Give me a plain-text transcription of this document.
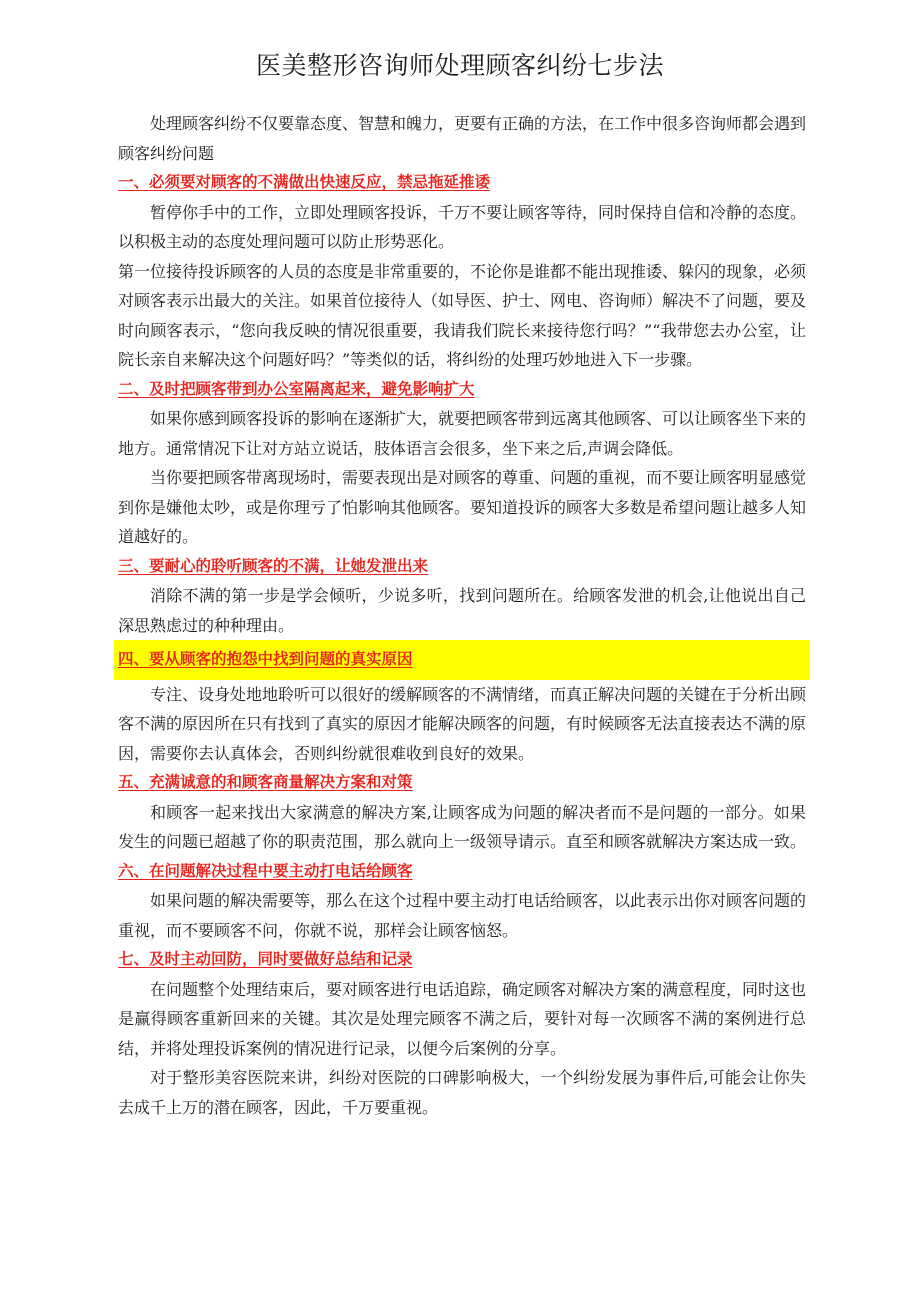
医美整形咨询师处理顾客纠纷七步法

处理顾客纠纷不仅要靠态度、智慧和魄力，更要有正确的方法，在工作中很多咨询师都会遇到顾客纠纷问题

一、必须要对顾客的不满做出快速反应，禁忌拖延推诿

暂停你手中的工作，立即处理顾客投诉，千万不要让顾客等待，同时保持自信和冷静的态度。以积极主动的态度处理问题可以防止形势恶化。

第一位接待投诉顾客的人员的态度是非常重要的，不论你是谁都不能出现推诿、躲闪的现象，必须对顾客表示出最大的关注。如果首位接待人（如导医、护士、网电、咨询师）解决不了问题，要及时向顾客表示，“您向我反映的情况很重要，我请我们院长来接待您行吗？”“我带您去办公室，让院长亲自来解决这个问题好吗？”等类似的话，将纠纷的处理巧妙地进入下一步骤。

二、及时把顾客带到办公室隔离起来，避免影响扩大

如果你感到顾客投诉的影响在逐渐扩大，就要把顾客带到远离其他顾客、可以让顾客坐下来的地方。通常情况下让对方站立说话，肢体语言会很多，坐下来之后,声调会降低。

当你要把顾客带离现场时，需要表现出是对顾客的尊重、问题的重视，而不要让顾客明显感觉到你是嫌他太吵，或是你理亏了怕影响其他顾客。要知道投诉的顾客大多数是希望问题让越多人知道越好的。

三、要耐心的聆听顾客的不满，让她发泄出来

消除不满的第一步是学会倾听，少说多听，找到问题所在。给顾客发泄的机会,让他说出自己深思熟虑过的种种理由。

四、要从顾客的抱怨中找到问题的真实原因

专注、设身处地地聆听可以很好的缓解顾客的不满情绪，而真正解决问题的关键在于分析出顾客不满的原因所在只有找到了真实的原因才能解决顾客的问题，有时候顾客无法直接表达不满的原因，需要你去认真体会，否则纠纷就很难收到良好的效果。

五、充满诚意的和顾客商量解决方案和对策

和顾客一起来找出大家满意的解决方案,让顾客成为问题的解决者而不是问题的一部分。如果发生的问题已超越了你的职责范围，那么就向上一级领导请示。直至和顾客就解决方案达成一致。

六、在问题解决过程中要主动打电话给顾客

如果问题的解决需要等，那么在这个过程中要主动打电话给顾客，以此表示出你对顾客问题的重视，而不要顾客不问，你就不说，那样会让顾客恼怒。

七、及时主动回防，同时要做好总结和记录

在问题整个处理结束后，要对顾客进行电话追踪，确定顾客对解决方案的满意程度，同时这也是赢得顾客重新回来的关键。其次是处理完顾客不满之后，要针对每一次顾客不满的案例进行总结，并将处理投诉案例的情况进行记录，以便今后案例的分享。

对于整形美容医院来讲，纠纷对医院的口碑影响极大，一个纠纷发展为事件后,可能会让你失去成千上万的潜在顾客，因此，千万要重视。
